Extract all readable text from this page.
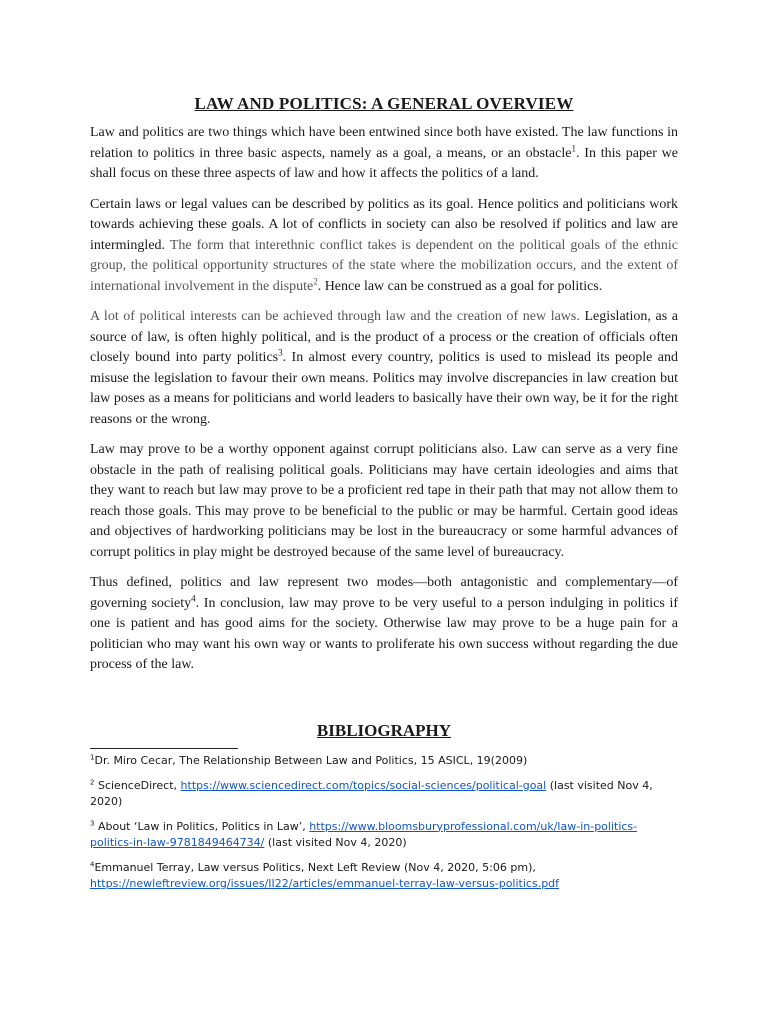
LAW AND POLITICS: A GENERAL OVERVIEW

Law and politics are two things which have been entwined since both have existed. The law functions in relation to politics in three basic aspects, namely as a goal, a means, or an obstacle$^1$. In this paper we shall focus on these three aspects of law and how it affects the politics of a land.

Certain laws or legal values can be described by politics as its goal. Hence politics and politicians work towards achieving these goals. A lot of conflicts in society can also be resolved if politics and law are intermingled. The form that interethnic conflict takes is dependent on the political goals of the ethnic group, the political opportunity structures of the state where the mobilization occurs, and the extent of international involvement in the dispute$^2$. Hence law can be construed as a goal for politics.

A lot of political interests can be achieved through law and the creation of new laws. Legislation, as a source of law, is often highly political, and is the product of a process or the creation of officials often closely bound into party politics$^3$. In almost every country, politics is used to mislead its people and misuse the legislation to favour their own means. Politics may involve discrepancies in law creation but law poses as a means for politicians and world leaders to basically have their own way, be it for the right reasons or the wrong.

Law may prove to be a worthy opponent against corrupt politicians also. Law can serve as a very fine obstacle in the path of realising political goals. Politicians may have certain ideologies and aims that they want to reach but law may prove to be a proficient red tape in their path that may not allow them to reach those goals. This may prove to be beneficial to the public or may be harmful. Certain good ideas and objectives of hardworking politicians may be lost in the bureaucracy or some harmful advances of corrupt politics in play might be destroyed because of the same level of bureaucracy.

Thus defined, politics and law represent two modes—both antagonistic and complementary—of governing society$^4$. In conclusion, law may prove to be very useful to a person indulging in politics if one is patient and has good aims for the society. Otherwise law may prove to be a huge pain for a politician who may want his own way or wants to proliferate his own success without regarding the due process of the law.

BIBLIOGRAPHY

$^1$Dr. Miro Cecar, The Relationship Between Law and Politics, 15 ASICL, 19(2009)

$^2$ ScienceDirect, https://www.sciencedirect.com/topics/social-sciences/political-goal (last visited Nov 4, 2020)

$^3$ About ‘Law in Politics, Politics in Law’, https://www.bloomsburyprofessional.com/uk/law-in-politics-politics-in-law-9781849464734/ (last visited Nov 4, 2020)

$^4$Emmanuel Terray, Law versus Politics, Next Left Review (Nov 4, 2020, 5:06 pm), https://newleftreview.org/issues/II22/articles/emmanuel-terray-law-versus-politics.pdf
